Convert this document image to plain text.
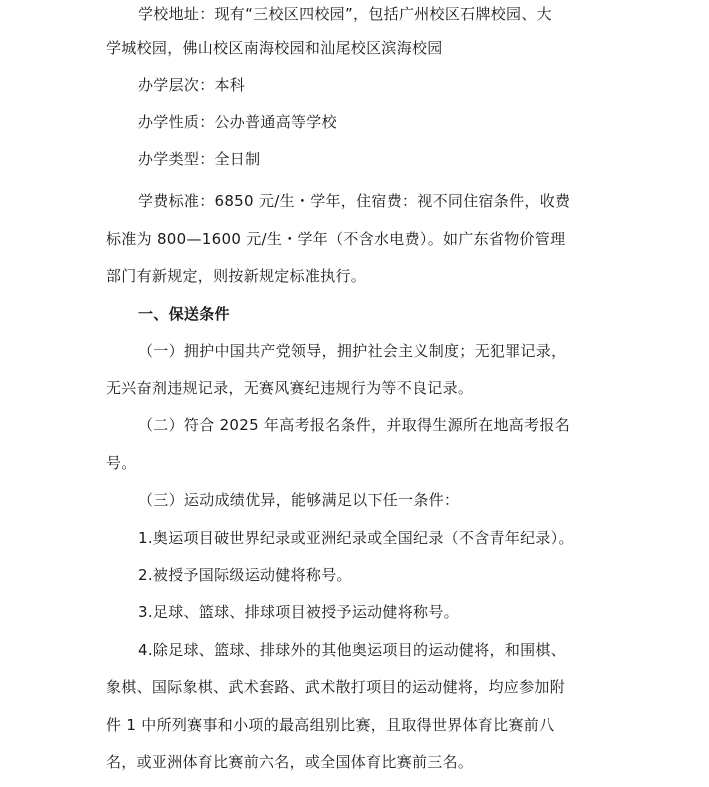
学校地址：现有“三校区四校园”，包括广州校区石牌校园、大
学城校园，佛山校区南海校园和汕尾校区滨海校园
办学层次：本科
办学性质：公办普通高等学校
办学类型：全日制
学费标准：6850 元/生・学年，住宿费：视不同住宿条件，收费
标准为 800—1600 元/生・学年（不含水电费）。如广东省物价管理
部门有新规定，则按新规定标准执行。
一、保送条件
（一）拥护中国共产党领导，拥护社会主义制度；无犯罪记录，
无兴奋剂违规记录，无赛风赛纪违规行为等不良记录。
（二）符合 2025 年高考报名条件，并取得生源所在地高考报名
号。
（三）运动成绩优异，能够满足以下任一条件：
1.奥运项目破世界纪录或亚洲纪录或全国纪录（不含青年纪录）。
2.被授予国际级运动健将称号。
3.足球、篮球、排球项目被授予运动健将称号。
4.除足球、篮球、排球外的其他奥运项目的运动健将，和围棋、
象棋、国际象棋、武术套路、武术散打项目的运动健将，均应参加附
件 1 中所列赛事和小项的最高组别比赛，且取得世界体育比赛前八
名，或亚洲体育比赛前六名，或全国体育比赛前三名。
